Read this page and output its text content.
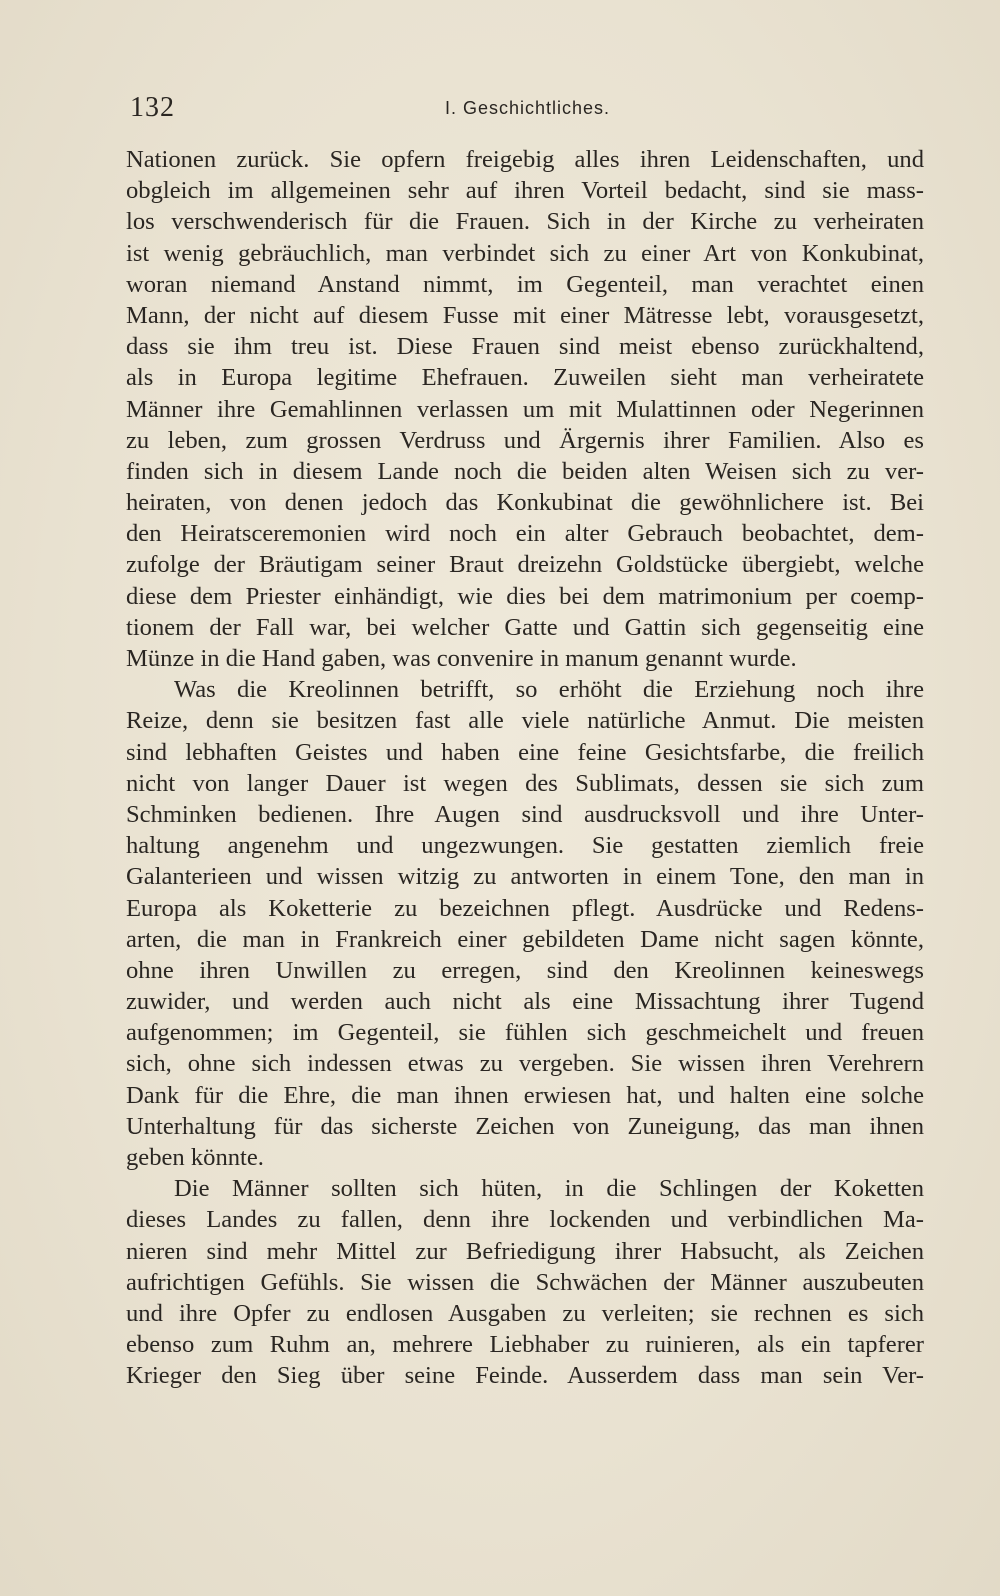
132	I. Geschichtliches.
Nationen zurück. Sie opfern freigebig alles ihren Leidenschaften, und
obgleich im allgemeinen sehr auf ihren Vorteil bedacht, sind sie mass-
los verschwenderisch für die Frauen. Sich in der Kirche zu verheiraten
ist wenig gebräuchlich, man verbindet sich zu einer Art von Konkubinat,
woran niemand Anstand nimmt, im Gegenteil, man verachtet einen
Mann, der nicht auf diesem Fusse mit einer Mätresse lebt, vorausgesetzt,
dass sie ihm treu ist. Diese Frauen sind meist ebenso zurückhaltend,
als in Europa legitime Ehefrauen. Zuweilen sieht man verheiratete
Männer ihre Gemahlinnen verlassen um mit Mulattinnen oder Negerinnen
zu leben, zum grossen Verdruss und Ärgernis ihrer Familien. Also es
finden sich in diesem Lande noch die beiden alten Weisen sich zu ver-
heiraten, von denen jedoch das Konkubinat die gewöhnlichere ist. Bei
den Heiratsceremonien wird noch ein alter Gebrauch beobachtet, dem-
zufolge der Bräutigam seiner Braut dreizehn Goldstücke übergiebt, welche
diese dem Priester einhändigt, wie dies bei dem matrimonium per coemp-
tionem der Fall war, bei welcher Gatte und Gattin sich gegenseitig eine
Münze in die Hand gaben, was convenire in manum genannt wurde.
Was die Kreolinnen betrifft, so erhöht die Erziehung noch ihre
Reize, denn sie besitzen fast alle viele natürliche Anmut. Die meisten
sind lebhaften Geistes und haben eine feine Gesichtsfarbe, die freilich
nicht von langer Dauer ist wegen des Sublimats, dessen sie sich zum
Schminken bedienen. Ihre Augen sind ausdrucksvoll und ihre Unter-
haltung angenehm und ungezwungen. Sie gestatten ziemlich freie
Galanterieen und wissen witzig zu antworten in einem Tone, den man in
Europa als Koketterie zu bezeichnen pflegt. Ausdrücke und Redens-
arten, die man in Frankreich einer gebildeten Dame nicht sagen könnte,
ohne ihren Unwillen zu erregen, sind den Kreolinnen keineswegs
zuwider, und werden auch nicht als eine Missachtung ihrer Tugend
aufgenommen; im Gegenteil, sie fühlen sich geschmeichelt und freuen
sich, ohne sich indessen etwas zu vergeben. Sie wissen ihren Verehrern
Dank für die Ehre, die man ihnen erwiesen hat, und halten eine solche
Unterhaltung für das sicherste Zeichen von Zuneigung, das man ihnen
geben könnte.
Die Männer sollten sich hüten, in die Schlingen der Koketten
dieses Landes zu fallen, denn ihre lockenden und verbindlichen Ma-
nieren sind mehr Mittel zur Befriedigung ihrer Habsucht, als Zeichen
aufrichtigen Gefühls. Sie wissen die Schwächen der Männer auszubeuten
und ihre Opfer zu endlosen Ausgaben zu verleiten; sie rechnen es sich
ebenso zum Ruhm an, mehrere Liebhaber zu ruinieren, als ein tapferer
Krieger den Sieg über seine Feinde. Ausserdem dass man sein Ver-
